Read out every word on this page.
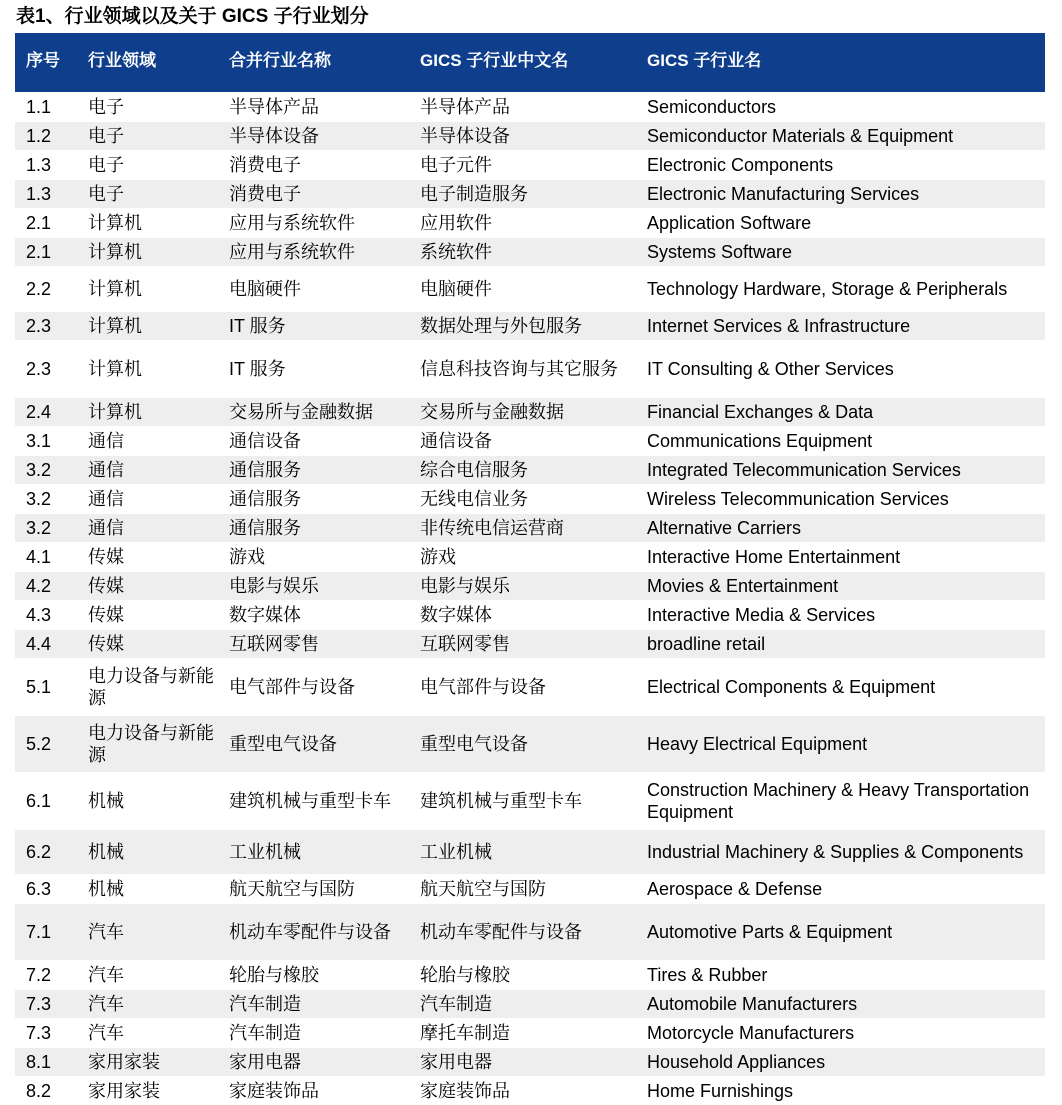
表1、行业领域以及关于 GICS 子行业划分
序号	行业领域	合并行业名称	GICS 子行业中文名	GICS 子行业名
1.1	电子	半导体产品	半导体产品	Semiconductors
1.2	电子	半导体设备	半导体设备	Semiconductor Materials & Equipment
1.3	电子	消费电子	电子元件	Electronic Components
1.3	电子	消费电子	电子制造服务	Electronic Manufacturing Services
2.1	计算机	应用与系统软件	应用软件	Application Software
2.1	计算机	应用与系统软件	系统软件	Systems Software
2.2	计算机	电脑硬件	电脑硬件	Technology Hardware, Storage & Peripherals
2.3	计算机	IT 服务	数据处理与外包服务	Internet Services & Infrastructure
2.3	计算机	IT 服务	信息科技咨询与其它服务	IT Consulting & Other Services
2.4	计算机	交易所与金融数据	交易所与金融数据	Financial Exchanges & Data
3.1	通信	通信设备	通信设备	Communications Equipment
3.2	通信	通信服务	综合电信服务	Integrated Telecommunication Services
3.2	通信	通信服务	无线电信业务	Wireless Telecommunication Services
3.2	通信	通信服务	非传统电信运营商	Alternative Carriers
4.1	传媒	游戏	游戏	Interactive Home Entertainment
4.2	传媒	电影与娱乐	电影与娱乐	Movies & Entertainment
4.3	传媒	数字媒体	数字媒体	Interactive Media & Services
4.4	传媒	互联网零售	互联网零售	broadline retail
5.1	电力设备与新能源	电气部件与设备	电气部件与设备	Electrical Components & Equipment
5.2	电力设备与新能源	重型电气设备	重型电气设备	Heavy Electrical Equipment
6.1	机械	建筑机械与重型卡车	建筑机械与重型卡车	Construction Machinery & Heavy Transportation Equipment
6.2	机械	工业机械	工业机械	Industrial Machinery & Supplies & Components
6.3	机械	航天航空与国防	航天航空与国防	Aerospace & Defense
7.1	汽车	机动车零配件与设备	机动车零配件与设备	Automotive Parts & Equipment
7.2	汽车	轮胎与橡胶	轮胎与橡胶	Tires & Rubber
7.3	汽车	汽车制造	汽车制造	Automobile Manufacturers
7.3	汽车	汽车制造	摩托车制造	Motorcycle Manufacturers
8.1	家用家装	家用电器	家用电器	Household Appliances
8.2	家用家装	家庭装饰品	家庭装饰品	Home Furnishings
